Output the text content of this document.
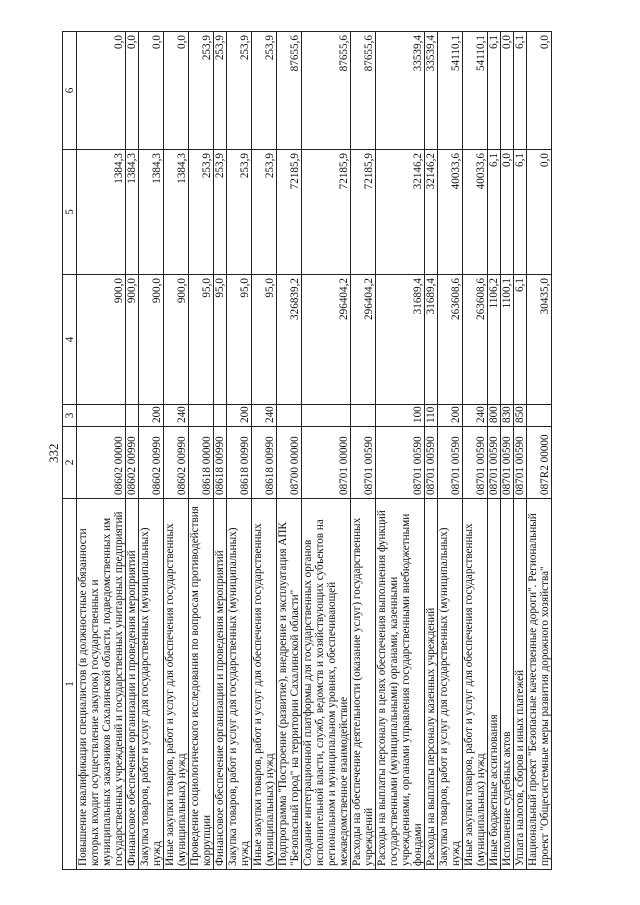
332
1	2	3	4	5	6
Повышение квалификации специалистов (в должностные обязанности которых входит осуществление закупок) государственных и муниципальных заказчиков Сахалинской области, подведомственных им государственных учреждений и государственных унитарных предприятий	08602 00000		900,0	1384,3	0,0
Финансовое обеспечение организации и проведения мероприятий	08602 00990		900,0	1384,3	0,0
Закупка товаров, работ и услуг для государственных (муниципальных) нужд	08602 00990	200	900,0	1384,3	0,0
Иные закупки товаров, работ и услуг для обеспечения государственных (муниципальных) нужд	08602 00990	240	900,0	1384,3	0,0
Проведение социологического исследования по вопросам противодействия коррупции	08618 00000		95,0	253,9	253,9
Финансовое обеспечение организации и проведения мероприятий	08618 00990		95,0	253,9	253,9
Закупка товаров, работ и услуг для государственных (муниципальных) нужд	08618 00990	200	95,0	253,9	253,9
Иные закупки товаров, работ и услуг для обеспечения государственных (муниципальных) нужд	08618 00990	240	95,0	253,9	253,9
Подпрограмма "Построение (развитие), внедрение и эксплуатация АПК "Безопасный город" на территории Сахалинской области"	08700 00000		326839,2	72185,9	87655,6
Создание интеграционной платформы для государственных органов исполнительной власти, служб, ведомств и хозяйствующих субъектов на региональном и муниципальном уровнях, обеспечивающей межведомственное взаимодействие	08701 00000		296404,2	72185,9	87655,6
Расходы на обеспечение деятельности (оказание услуг) государственных учреждений	08701 00590		296404,2	72185,9	87655,6
Расходы на выплаты персоналу в целях обеспечения выполнения функций государственными (муниципальными) органами, казенными учреждениями, органами управления государственными внебюджетными фондами	08701 00590	100	31689,4	32146,2	33539,4
Расходы на выплаты персоналу казенных учреждений	08701 00590	110	31689,4	32146,2	33539,4
Закупка товаров, работ и услуг для государственных (муниципальных) нужд	08701 00590	200	263608,6	40033,6	54110,1
Иные закупки товаров, работ и услуг для обеспечения государственных (муниципальных) нужд	08701 00590	240	263608,6	40033,6	54110,1
Иные бюджетные ассигнования	08701 00590	800	1106,2	6,1	6,1
Исполнение судебных актов	08701 00590	830	1100,1	0,0	0,0
Уплата налогов, сборов и иных платежей	08701 00590	850	6,1	6,1	6,1
Национальный проект "Безопасные качественные дороги". Региональный проект "Общесистемные меры развития дорожного хозяйства"	087R2 00000		30435,0	0,0	0,0
